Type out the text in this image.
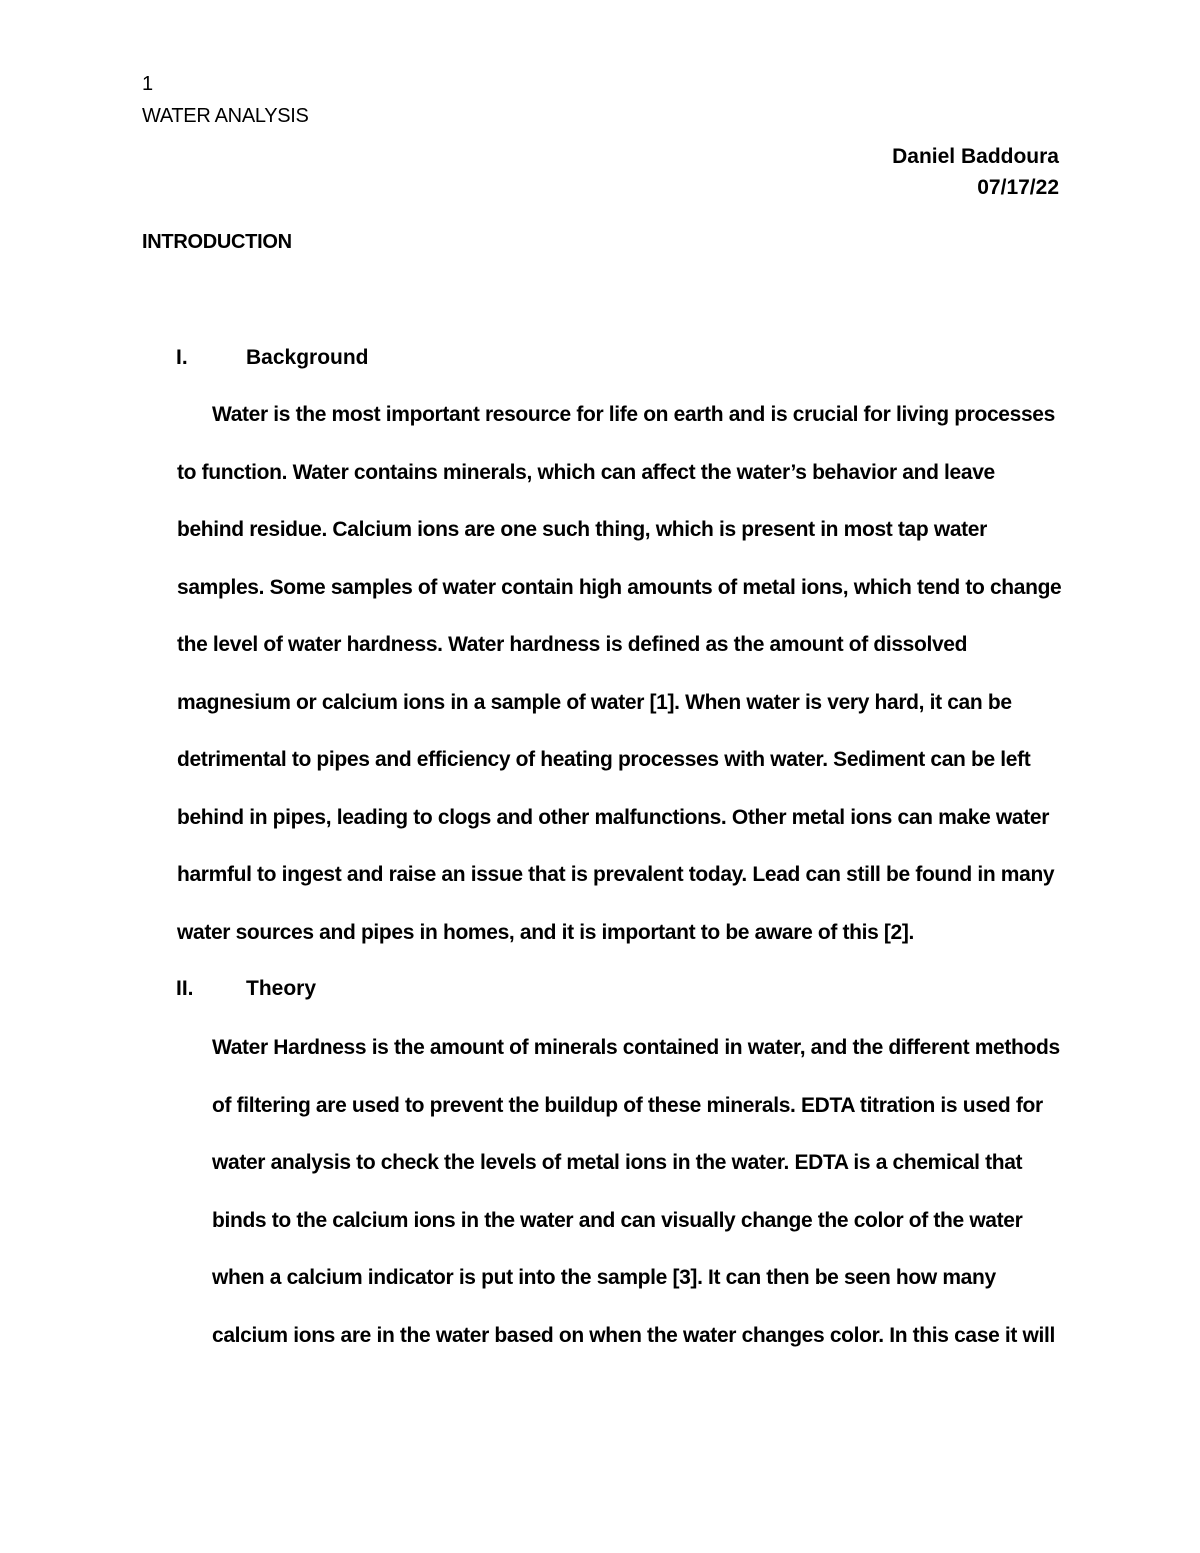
1
WATER ANALYSIS
Daniel Baddoura
07/17/22
INTRODUCTION
I.	Background
Water is the most important resource for life on earth and is crucial for living processes
to function. Water contains minerals, which can affect the water’s behavior and leave
behind residue. Calcium ions are one such thing, which is present in most tap water
samples. Some samples of water contain high amounts of metal ions, which tend to change
the level of water hardness. Water hardness is defined as the amount of dissolved
magnesium or calcium ions in a sample of water [1]. When water is very hard, it can be
detrimental to pipes and efficiency of heating processes with water. Sediment can be left
behind in pipes, leading to clogs and other malfunctions. Other metal ions can make water
harmful to ingest and raise an issue that is prevalent today. Lead can still be found in many
water sources and pipes in homes, and it is important to be aware of this [2].
II.	Theory
Water Hardness is the amount of minerals contained in water, and the different methods
of filtering are used to prevent the buildup of these minerals. EDTA titration is used for
water analysis to check the levels of metal ions in the water. EDTA is a chemical that
binds to the calcium ions in the water and can visually change the color of the water
when a calcium indicator is put into the sample [3]. It can then be seen how many
calcium ions are in the water based on when the water changes color. In this case it will
